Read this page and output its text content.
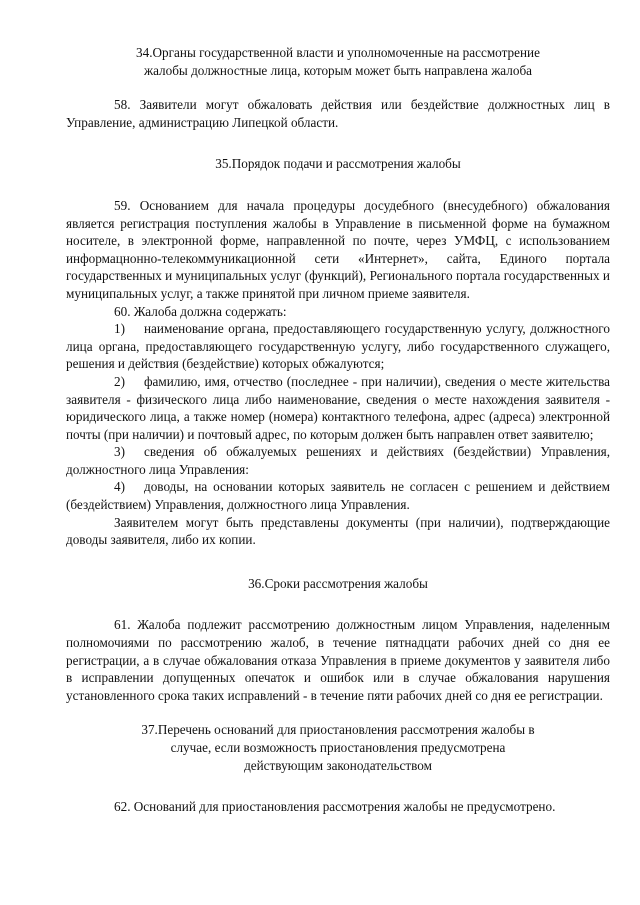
34.Органы государственной власти и уполномоченные на рассмотрение
жалобы должностные лица, которым может быть направлена жалоба

58. Заявители могут обжаловать действия или бездействие должностных лиц в Управление, администрацию Липецкой области.

35.Порядок подачи и рассмотрения жалобы

59. Основанием для начала процедуры досудебного (внесудебного) обжалования является регистрация поступления жалобы в Управление в письменной форме на бумажном носителе, в электронной форме, направленной по почте, через УМФЦ, с использованием информацнонно-телекоммуникационной сети «Интернет», сайта, Единого портала государственных и муниципальных услуг (функций), Регионального портала государственных и муниципальных услуг, а также принятой при личном приеме заявителя.

60. Жалоба должна содержать:

1) наименование органа, предоставляющего государственную услугу, должностного лица органа, предоставляющего государственную услугу, либо государственного служащего, решения и действия (бездействие) которых обжалуются;

2) фамилию, имя, отчество (последнее - при наличии), сведения о месте жительства заявителя - физического лица либо наименование, сведения о месте нахождения заявителя - юридического лица, а также номер (номера) контактного телефона, адрес (адреса) электронной почты (при наличии) и почтовый адрес, по которым должен быть направлен ответ заявителю;

3) сведения об обжалуемых решениях и действиях (бездействии) Управления, должностного лица Управления:

4) доводы, на основании которых заявитель не согласен с решением и действием (бездействием) Управления, должностного лица Управления.

Заявителем могут быть представлены документы (при наличии), подтверждающие доводы заявителя, либо их копии.

36.Сроки рассмотрения жалобы

61. Жалоба подлежит рассмотрению должностным лицом Управления, наделенным полномочиями по рассмотрению жалоб, в течение пятнадцати рабочих дней со дня ее регистрации, а в случае обжалования отказа Управления в приеме документов у заявителя либо в исправлении допущенных опечаток и ошибок или в случае обжалования нарушения установленного срока таких исправлений - в течение пяти рабочих дней со дня ее регистрации.

37.Перечень оснований для приостановления рассмотрения жалобы в
случае, если возможность приостановления предусмотрена
действующим законодательством

62. Оснований для приостановления рассмотрения жалобы не предусмотрено.
